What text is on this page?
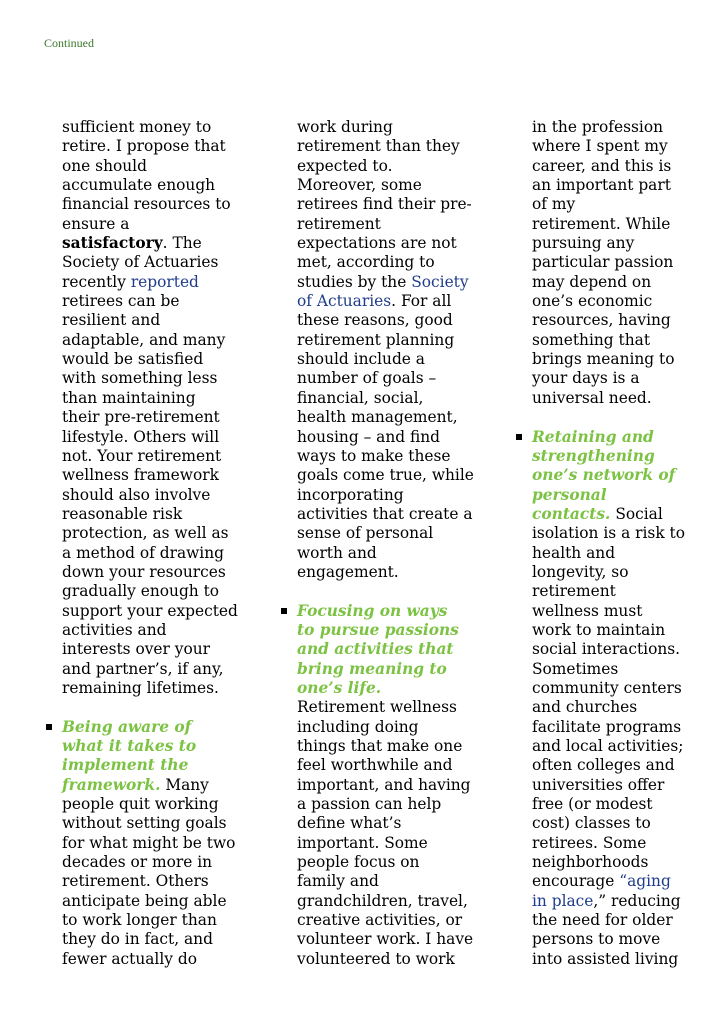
Continued
sufficient money to
retire. I propose that
one should
accumulate enough
financial resources to
ensure a
satisfactory. The
Society of Actuaries
recently reported
retirees can be
resilient and
adaptable, and many
would be satisfied
with something less
than maintaining
their pre-retirement
lifestyle. Others will
not. Your retirement
wellness framework
should also involve
reasonable risk
protection, as well as
a method of drawing
down your resources
gradually enough to
support your expected
activities and
interests over your
and partner’s, if any,
remaining lifetimes.
Being aware of
what it takes to
implement the
framework. Many
people quit working
without setting goals
for what might be two
decades or more in
retirement. Others
anticipate being able
to work longer than
they do in fact, and
fewer actually do
work during
retirement than they
expected to.
Moreover, some
retirees find their pre-
retirement
expectations are not
met, according to
studies by the Society
of Actuaries. For all
these reasons, good
retirement planning
should include a
number of goals –
financial, social,
health management,
housing – and find
ways to make these
goals come true, while
incorporating
activities that create a
sense of personal
worth and
engagement.
Focusing on ways
to pursue passions
and activities that
bring meaning to
one’s life.
Retirement wellness
including doing
things that make one
feel worthwhile and
important, and having
a passion can help
define what’s
important. Some
people focus on
family and
grandchildren, travel,
creative activities, or
volunteer work. I have
volunteered to work
in the profession
where I spent my
career, and this is
an important part
of my
retirement. While
pursuing any
particular passion
may depend on
one’s economic
resources, having
something that
brings meaning to
your days is a
universal need.
Retaining and
strengthening
one’s network of
personal
contacts. Social
isolation is a risk to
health and
longevity, so
retirement
wellness must
work to maintain
social interactions.
Sometimes
community centers
and churches
facilitate programs
and local activities;
often colleges and
universities offer
free (or modest
cost) classes to
retirees. Some
neighborhoods
encourage “aging
in place,” reducing
the need for older
persons to move
into assisted living
